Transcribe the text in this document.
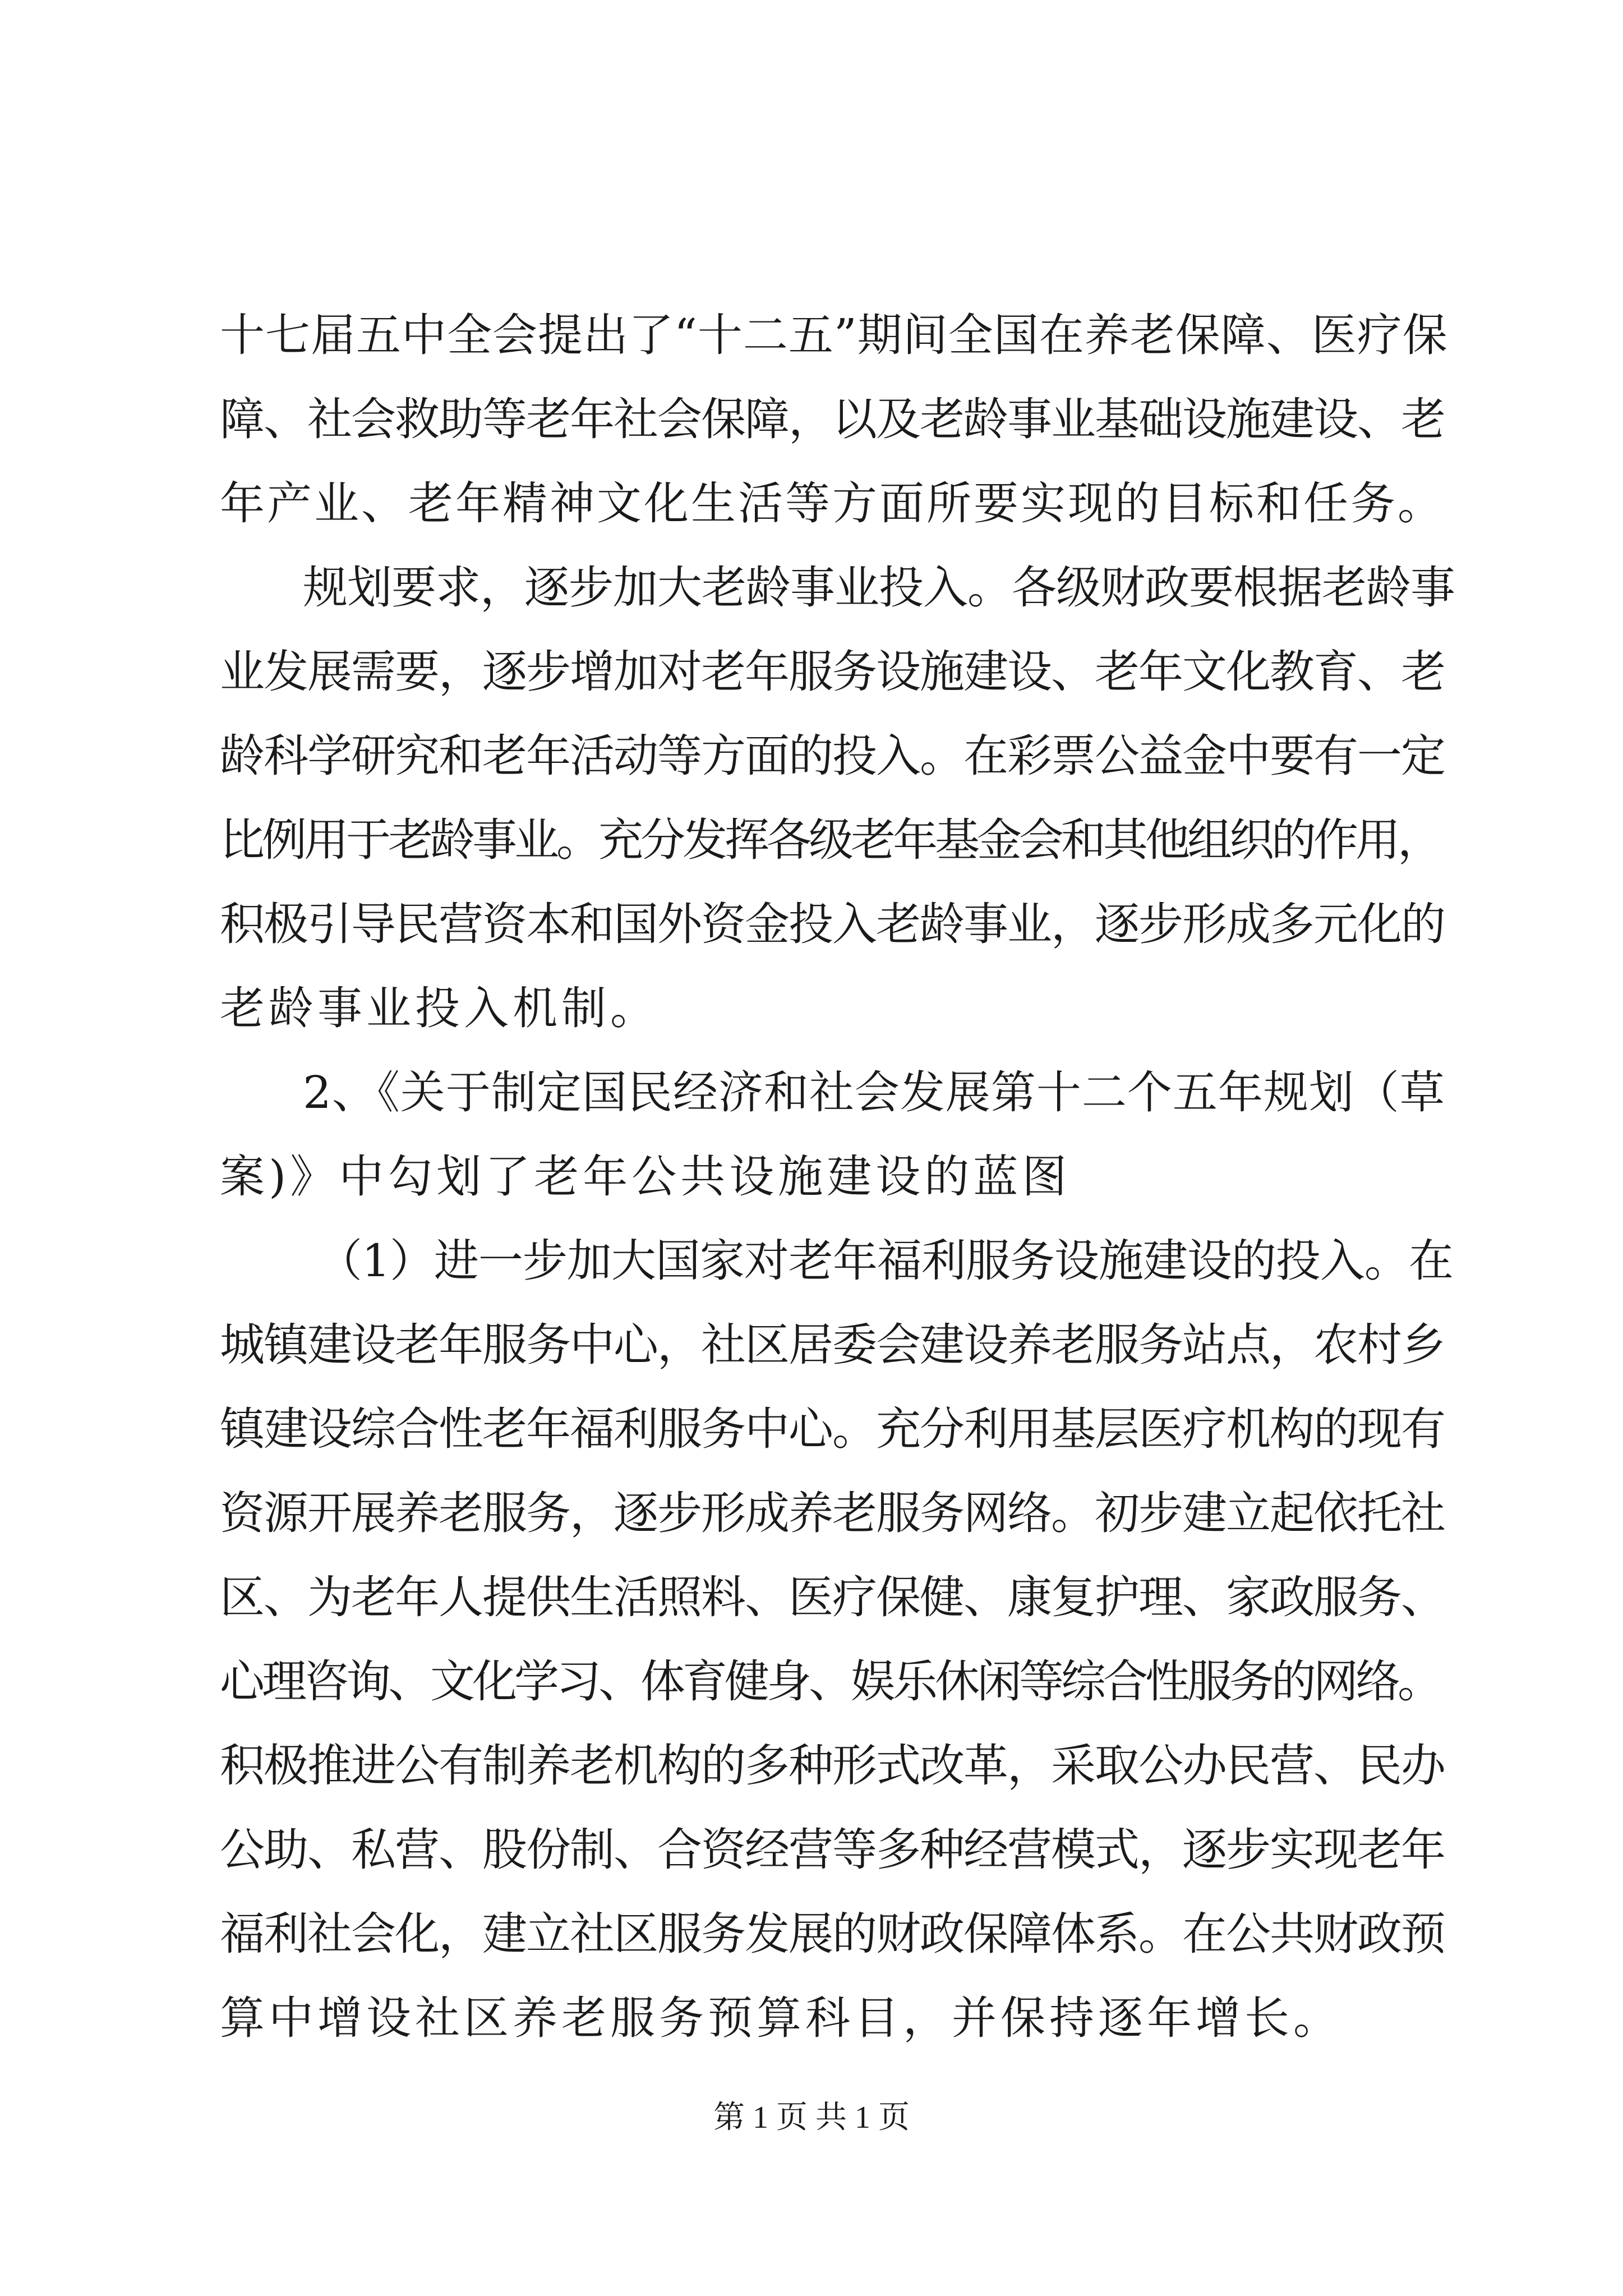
十七届五中全会提出了“十二五”期间全国在养老保障、医疗保
障、社会救助等老年社会保障，以及老龄事业基础设施建设、老
年产业、老年精神文化生活等方面所要实现的目标和任务。
规划要求，逐步加大老龄事业投入。各级财政要根据老龄事
业发展需要，逐步增加对老年服务设施建设、老年文化教育、老
龄科学研究和老年活动等方面的投入。在彩票公益金中要有一定
比例用于老龄事业。充分发挥各级老年基金会和其他组织的作用，
积极引导民营资本和国外资金投入老龄事业，逐步形成多元化的
老龄事业投入机制。
2、《关于制定国民经济和社会发展第十二个五年规划（草
案)》中勾划了老年公共设施建设的蓝图
（1）进一步加大国家对老年福利服务设施建设的投入。在
城镇建设老年服务中心，社区居委会建设养老服务站点，农村乡
镇建设综合性老年福利服务中心。充分利用基层医疗机构的现有
资源开展养老服务，逐步形成养老服务网络。初步建立起依托社
区、为老年人提供生活照料、医疗保健、康复护理、家政服务、
心理咨询、文化学习、体育健身、娱乐休闲等综合性服务的网络。
积极推进公有制养老机构的多种形式改革，采取公办民营、民办
公助、私营、股份制、合资经营等多种经营模式，逐步实现老年
福利社会化，建立社区服务发展的财政保障体系。在公共财政预
算中增设社区养老服务预算科目，并保持逐年增长。
第 1 页 共 1 页
